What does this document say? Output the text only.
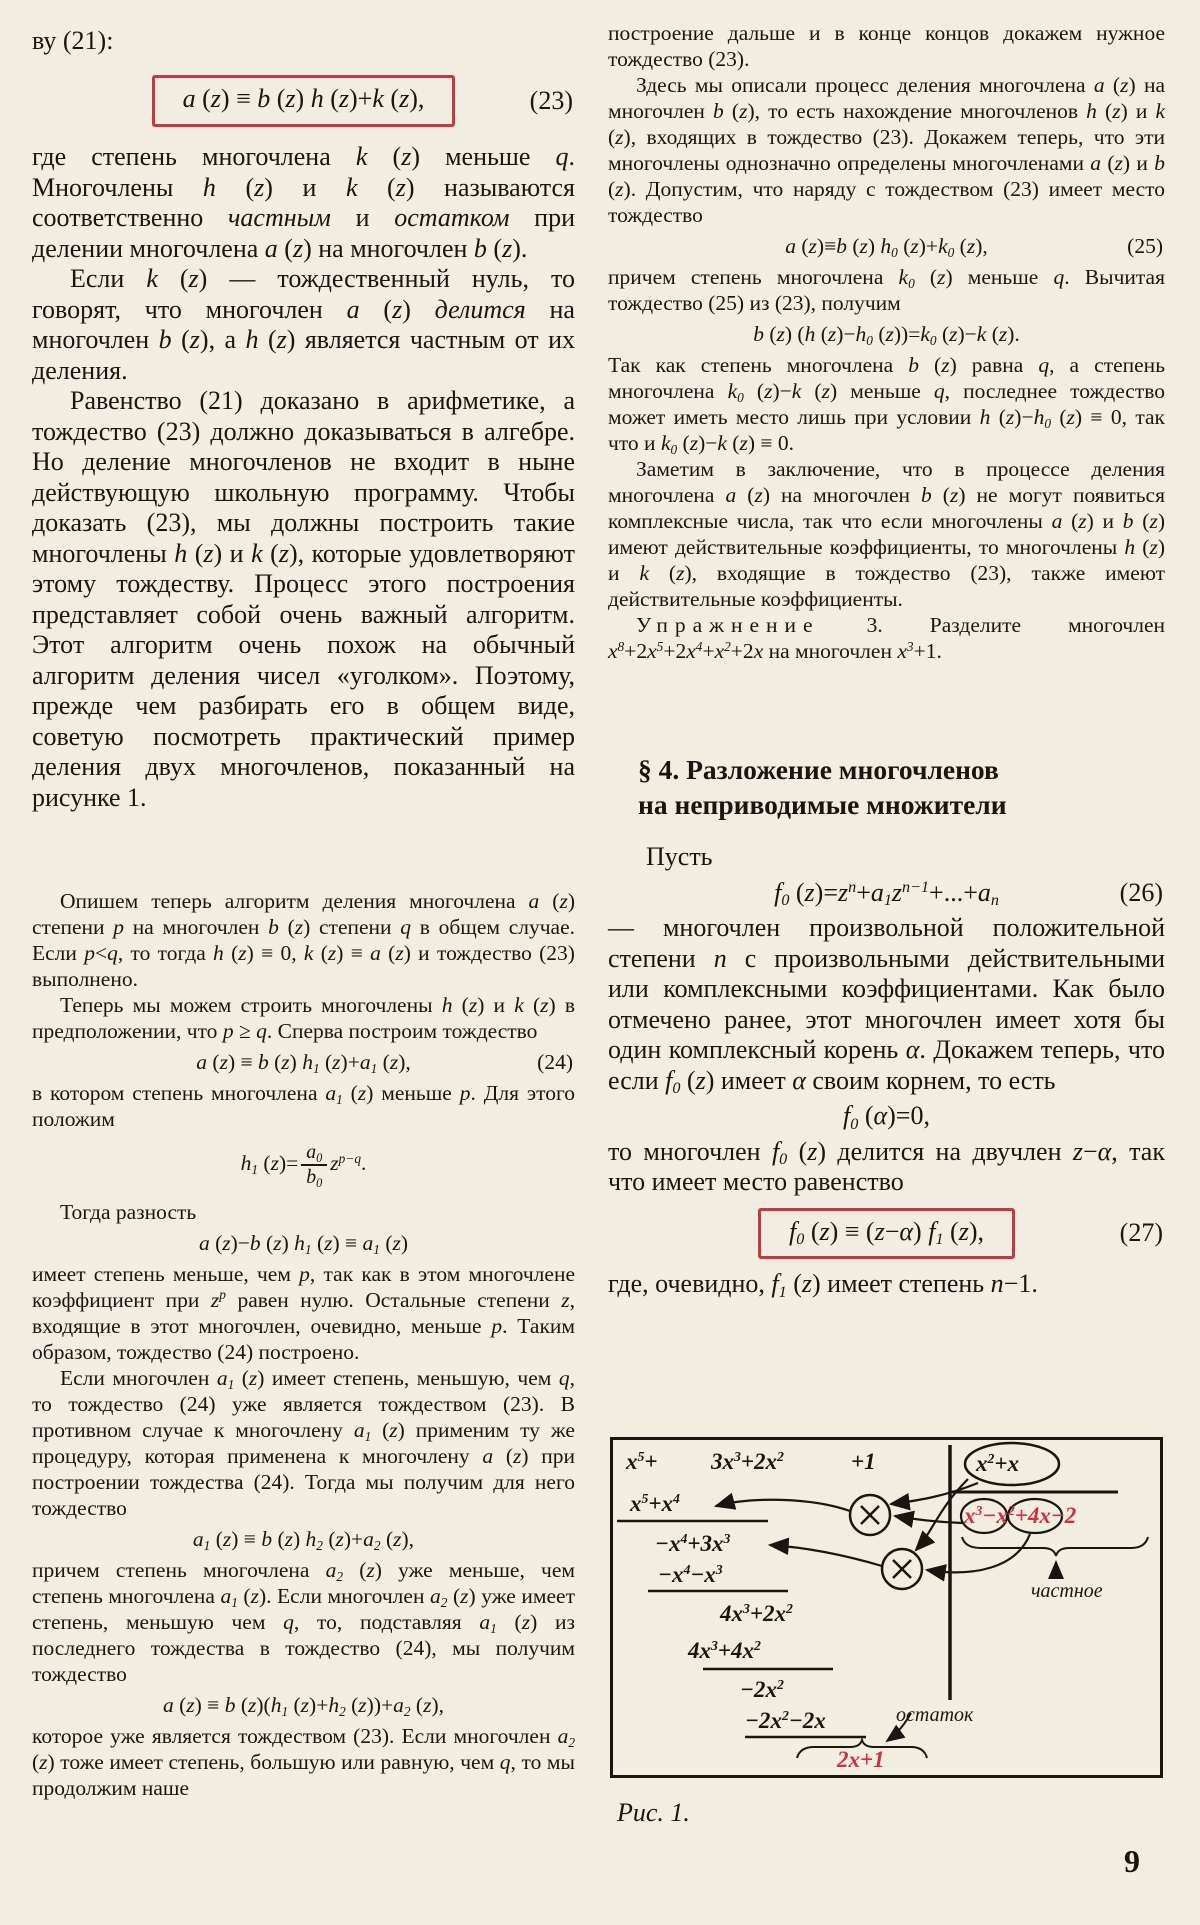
ву (21):

a (z) ≡ b (z) h (z)+k (z),	(23)

где степень многочлена k (z) меньше q. Многочлены h (z) и k (z) называются соответственно частным и остатком при делении многочлена a (z) на многочлен b (z).

Если k (z) — тождественный нуль, то говорят, что многочлен a (z) делится на многочлен b (z), а h (z) является частным от их деления.

Равенство (21) доказано в арифметике, а тождество (23) должно доказываться в алгебре. Но деление многочленов не входит в ныне действующую школьную программу. Чтобы доказать (23), мы должны построить такие многочлены h (z) и k (z), которые удовлетворяют этому тождеству. Процесс этого построения представляет собой очень важный алгоритм. Этот алгоритм очень похож на обычный алгоритм деления чисел «уголком». Поэтому, прежде чем разбирать его в общем виде, советую посмотреть практический пример деления двух многочленов, показанный на рисунке 1.

Опишем теперь алгоритм деления многочлена a (z) степени p на многочлен b (z) степени q в общем случае. Если p<q, то тогда h (z) ≡ 0, k (z) ≡ a (z) и тождество (23) выполнено.

Теперь мы можем строить многочлены h (z) и k (z) в предположении, что p ≥ q. Сперва построим тождество

a (z) ≡ b (z) $h_1$ $(z)+a_1$ (z),	(24)

в котором степень многочлена $a_1$ (z) меньше p. Для этого положим

$h_1$ $(z)= \frac{a_0}{b_0} z^{p-q}$.

Тогда разность

a (z)−b (z) $h_1$ $(z) \equiv a_1$ (z)

имеет степень меньше, чем p, так как в этом многочлене коэффициент при $z^p$ равен нулю. Остальные степени z, входящие в этот многочлен, очевидно, меньше p. Таким образом, тождество (24) построено.

Если многочлен $a_1$ (z) имеет степень, меньшую, чем q, то тождество (24) уже является тождеством (23). В противном случае к многочлену $a_1$ (z) применим ту же процедуру, которая применена к многочлену a (z) при построении тождества (24). Тогда мы получим для него тождество

$a_1$ (z) ≡ b (z) $h_2$ $(z)+a_2$ (z),

причем степень многочлена $a_2$ (z) уже меньше, чем степень многочлена $a_1$ (z). Если многочлен $a_2$ (z) уже имеет степень, меньшую чем q, то, подставляя $a_1$ (z) из последнего тождества в тождество (24), мы получим тождество

a (z) ≡ b $(z)(h_1$ $(z)+h_2$ $(z))+a_2$ (z),

которое уже является тождеством (23). Если многочлен $a_2$ (z) тоже имеет степень, большую или равную, чем q, то мы продолжим наше

построение дальше и в конце концов докажем нужное тождество (23).

Здесь мы описали процесс деления многочлена a (z) на многочлен b (z), то есть нахождение многочленов h (z) и k (z), входящих в тождество (23). Докажем теперь, что эти многочлены однозначно определены многочленами a (z) и b (z). Допустим, что наряду с тождеством (23) имеет место тождество

a (z)≡b (z) $h_0$ $(z)+k_0$ (z),	(25)

причем степень многочлена $k_0$ (z) меньше q. Вычитая тождество (25) из (23), получим

b (z) (h $(z)-h_0$ $(z))=k_0$ (z)−k (z).

Так как степень многочлена b (z) равна q, а степень многочлена $k_0$ (z)−k (z) меньше q, последнее тождество может иметь место лишь при условии h $(z)-h_0$ (z) ≡ 0, так что и $k_0$ (z)−k (z) ≡ 0.

Заметим в заключение, что в процессе деления многочлена a (z) на многочлен b (z) не могут появиться комплексные числа, так что если многочлены a (z) и b (z) имеют действительные коэффициенты, то многочлены h (z) и k (z), входящие в тождество (23), также имеют действительные коэффициенты.

Упражнение 3. Разделите многочлен $x^8+2x^5+2x^4+x^2+2x$ на многочлен $x^3+1$.

§ 4. Разложение многочленов
на неприводимые множители

Пусть

$f_0$ $(z)=z^n+a_1z^{n-1}+...+a_n$	(26)

— многочлен произвольной положительной степени n с произвольными действительными или комплексными коэффициентами. Как было отмечено ранее, этот многочлен имеет хотя бы один комплексный корень α. Докажем теперь, что если $f_0$ (z) имеет α своим корнем, то есть

$f_0$ (α)=0,

то многочлен $f_0$ (z) делится на двучлен z−α, так что имеет место равенство

$f_0$ (z) ≡ (z−α) $f_1$ (z),	(27)

где, очевидно, $f_1$ (z) имеет степень n−1.

$x^5+ 3x^3+2x^2$	+1	$x^2+x$
$x^3-x^2+4x-2$
$x^5+x^4$
$-x^4+3x^3$
$-x^4-x^3$
$4x^3+2x^2$
$4x^3+4x^2$
$-2x^2$
$-2x^2-2x$
2x+1
частное
остаток
Рис. 1.
9
